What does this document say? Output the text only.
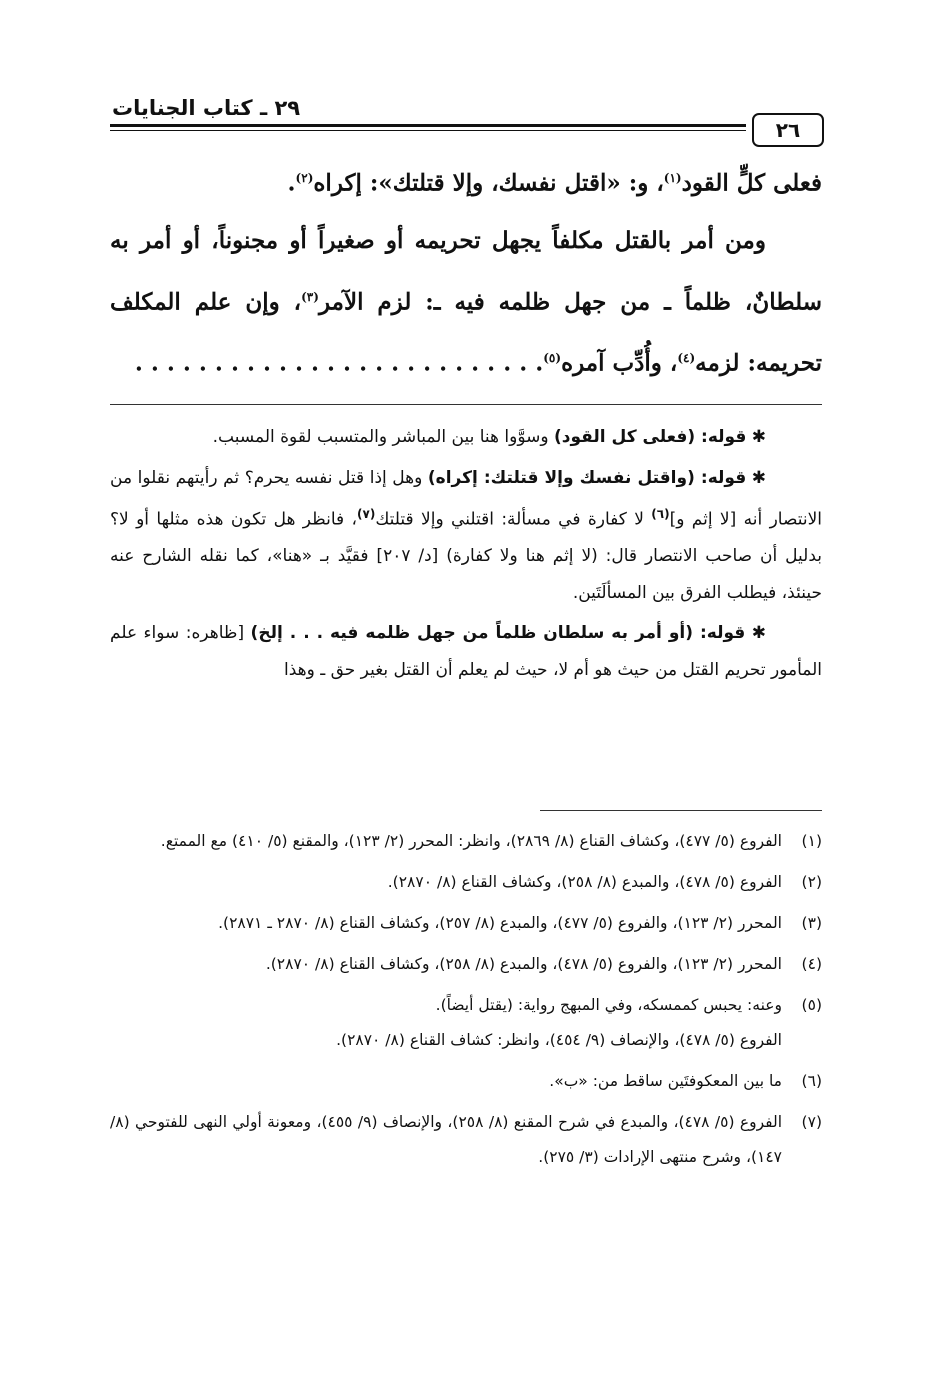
٢٩ ـ كتاب الجنايات
٢٦

فعلى كلٍّ القود$^{(١)}$، و: «اقتل نفسك، وإلا قتلتك»: إكراه$^{(٢)}$.

ومن أمر بالقتل مكلفاً يجهل تحريمه أو صغيراً أو مجنوناً، أو أمر به سلطانٌ، ظلماً ـ من جهل ظلمه فيه ـ: لزم الآمر$^{(٣)}$، وإن علم المكلف تحريمه: لزمه$^{(٤)}$، وأُدِّب آمره$^{(٥)}$. . . . . . . . . . . . . . . . . . . . . . . . . .

✱ قوله: (فعلى كل القود) وسوَّوا هنا بين المباشر والمتسبب لقوة المسبب.

✱ قوله: (واقتل نفسك وإلا قتلتك: إكراه) وهل إذا قتل نفسه يحرم؟ ثم رأيتهم نقلوا من الانتصار أنه [لا إثم و]$^{(٦)}$ لا كفارة في مسألة: اقتلني وإلا قتلتك$^{(٧)}$، فانظر هل تكون هذه مثلها أو لا؟ بدليل أن صاحب الانتصار قال: (لا إثم هنا ولا كفارة) [د/ ٢٠٧] فقيَّد بـ «هنا»، كما نقله الشارح عنه حينئذ، فيطلب الفرق بين المسألَتَين.

✱ قوله: (أو أمر به سلطان ظلماً من جهل ظلمه فيه . . . إلخ) [ظاهره: سواء علم المأمور تحريم القتل من حيث هو أم لا، حيث لم يعلم أن القتل بغير حق ـ وهذا

(١)
الفروع (٥/ ٤٧٧)، وكشاف القناع (٨/ ٢٨٦٩)، وانظر: المحرر (٢/ ١٢٣)، والمقنع (٥/ ٤١٠) مع الممتع.
(٢)
الفروع (٥/ ٤٧٨)، والمبدع (٨/ ٢٥٨)، وكشاف القناع (٨/ ٢٨٧٠).
(٣)
المحرر (٢/ ١٢٣)، والفروع (٥/ ٤٧٧)، والمبدع (٨/ ٢٥٧)، وكشاف القناع (٨/ ٢٨٧٠ ـ ٢٨٧١).
(٤)
المحرر (٢/ ١٢٣)، والفروع (٥/ ٤٧٨)، والمبدع (٨/ ٢٥٨)، وكشاف القناع (٨/ ٢٨٧٠).
(٥)
وعنه: يحبس كممسكه، وفي المبهج رواية: (يقتل أيضاً).
الفروع (٥/ ٤٧٨)، والإنصاف (٩/ ٤٥٤)، وانظر: كشاف القناع (٨/ ٢٨٧٠).
(٦)
ما بين المعكوفتَين ساقط من: «ب».
(٧)
الفروع (٥/ ٤٧٨)، والمبدع في شرح المقنع (٨/ ٢٥٨)، والإنصاف (٩/ ٤٥٥)، ومعونة أولي النهى للفتوحي (٨/ ١٤٧)، وشرح منتهى الإرادات (٣/ ٢٧٥).
